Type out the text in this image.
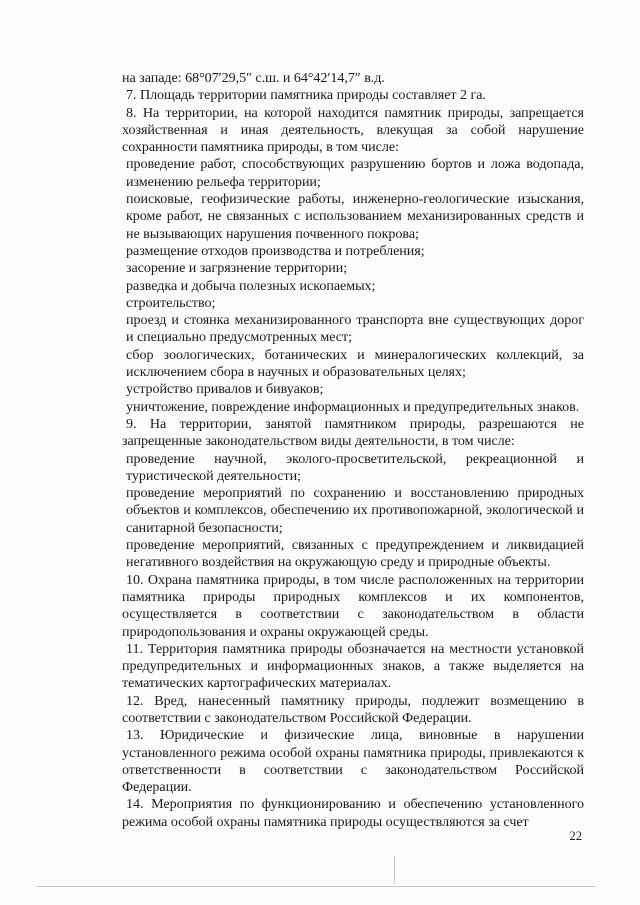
на западе: 68°07′29,5″ с.ш. и 64°42′14,7″ в.д.

7. Площадь территории памятника природы составляет 2 га.

8. На территории, на которой находится памятник природы, запрещается хозяйственная и иная деятельность, влекущая за собой нарушение сохранности памятника природы, в том числе:

проведение работ, способствующих разрушению бортов и ложа водопада, изменению рельефа территории;

поисковые, геофизические работы, инженерно-геологические изыскания, кроме работ, не связанных с использованием механизированных средств и не вызывающих нарушения почвенного покрова;

размещение отходов производства и потребления;

засорение и загрязнение территории;

разведка и добыча полезных ископаемых;

строительство;

проезд и стоянка механизированного транспорта вне существующих дорог и специально предусмотренных мест;

сбор зоологических, ботанических и минералогических коллекций, за исключением сбора в научных и образовательных целях;

устройство привалов и бивуаков;

уничтожение, повреждение информационных и предупредительных знаков.

9. На территории, занятой памятником природы, разрешаются не запрещенные законодательством виды деятельности, в том числе:

проведение научной, эколого-просветительской, рекреационной и туристической деятельности;

проведение мероприятий по сохранению и восстановлению природных объектов и комплексов, обеспечению их противопожарной, экологической и санитарной безопасности;

проведение мероприятий, связанных с предупреждением и ликвидацией негативного воздействия на окружающую среду и природные объекты.

10. Охрана памятника природы, в том числе расположенных на территории памятника природы природных комплексов и их компонентов, осуществляется в соответствии с законодательством в области природопользования и охраны окружающей среды.

11. Территория памятника природы обозначается на местности установкой предупредительных и информационных знаков, а также выделяется на тематических картографических материалах.

12. Вред, нанесенный памятнику природы, подлежит возмещению в соответствии с законодательством Российской Федерации.

13. Юридические и физические лица, виновные в нарушении установленного режима особой охраны памятника природы, привлекаются к ответственности в соответствии с законодательством Российской Федерации.

14. Мероприятия по функционированию и обеспечению установленного режима особой охраны памятника природы осуществляются за счет

22
